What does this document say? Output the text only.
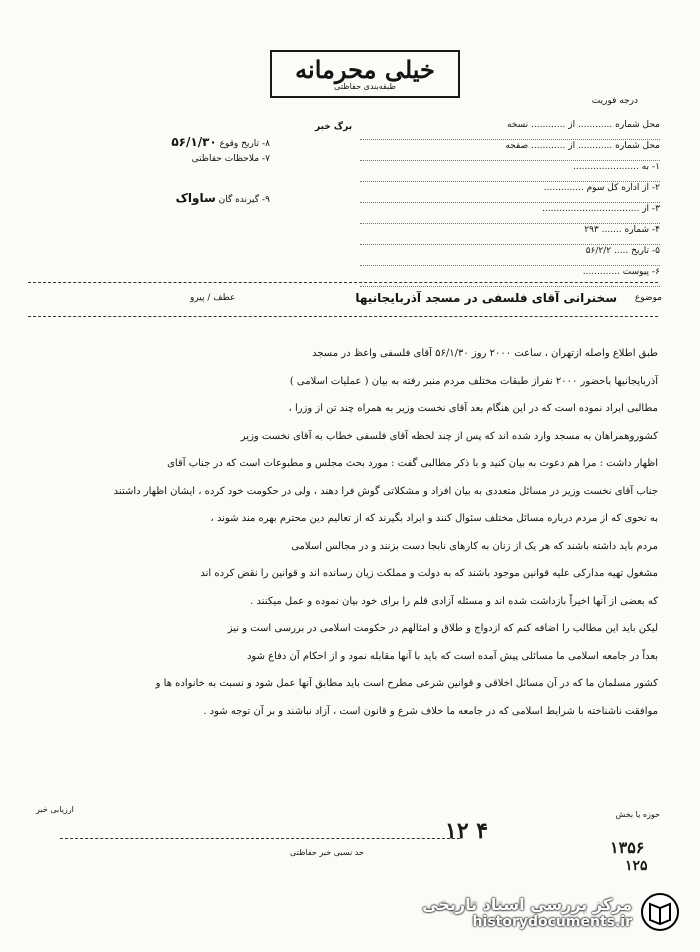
خیلی محرمانه
طبقه‌بندی حفاظتی
درجه فوریت
برگ خبر	محل شماره ............ از ............ نسخه
محل شماره ............ از ............ صفحه
۱- به .......................
۲- از اداره کل سوم ..............
۳- از ..................................
۴- شماره ....... ۲۹۳
۵- تاریخ ..... ۵۶/۲/۲
۶- پیوست .............
۸- تاریخ وقوع ۵۶/۱/۳۰
۷- ملاحظات حفاظتی
۹- گیرنده گان ساواک
موضوع
سخنرانی آقای فلسفی در مسجد آذربایجانیها
عطف / پیرو

طبق اطلاع واصله ازتهران ، ساعت ۲۰۰۰ روز ۵۶/۱/۳۰ آقای فلسفی واعظ در مسجد

آذربایجانیها باحضور ۲۰۰۰ نفراز طبقات مختلف مردم منبر رفته به بیان ( عملیات اسلامی )

مطالبی ایراد نموده است که در این هنگام بعد آقای نخست وزیر به همراه چند تن از وزرا ،

کشوروهمراهان به مسجد وارد شده اند که پس از چند لحظه آقای فلسفی خطاب به آقای نخست وزیر

اظهار داشت : مرا هم دعوت به بیان کنید و با ذکر مطالبی گفت : مورد بحث مجلس و مطبوعات است که در جناب آقای

جناب آقای نخست وزیر در مسائل متعددی به بیان افراد و مشکلاتی گوش فرا دهند ، ولی در حکومت خود کرده ، ایشان اظهار داشتند

به نحوی که از مردم درباره مسائل مختلف سئوال کنند و ایراد بگیرند که از تعالیم دین محترم بهره مند شوند ،

مردم باید داشته باشند که هر یک از زنان به کارهای نابجا دست بزنند و در مجالس اسلامی

مشغول تهیه مدارکی علیه قوانین موجود باشند که به دولت و مملکت زیان رسانده اند و قوانین را نقض کرده اند

که بعضی از آنها اخیراً بازداشت شده اند و مسئله آزادی قلم را برای خود بیان نموده و عمل میکنند .

لیکن باید این مطالب را اضافه کنم که ازدواج و طلاق و امثالهم در حکومت اسلامی در بررسی است و نیز

بعداً در جامعه اسلامی ما مسائلی پیش آمده است که باید با آنها مقابله نمود و از احکام آن دفاع شود

کشور مسلمان ما که در آن مسائل اخلاقی و قوانین شرعی مطرح است باید مطابق آنها عمل شود و نسبت به خانواده ها و

موافقت ناشناخته با شرایط اسلامی که در جامعه ما خلاف شرع و قانون است ، آزاد نباشند و بر آن توجه شود .

ارزیابی خبر
حد نسبی خبر حفاظتی
۱۲ ۴
۱۳۵۶
۱۲۵
حوزه یا بخش
مرکز بررسی اسناد تاریخی
historydocuments.ir
